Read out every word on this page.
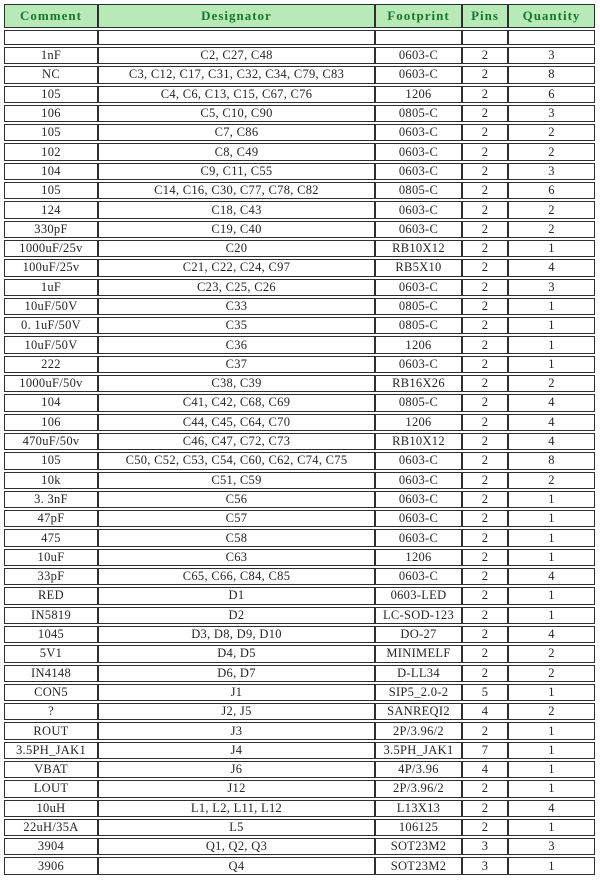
Comment	Designator	Footprint	Pins	Quantity

1nF	C2, C27, C48	0603-C	2	3
NC	C3, C12, C17, C31, C32, C34, C79, C83	0603-C	2	8
105	C4, C6, C13, C15, C67, C76	1206	2	6
106	C5, C10, C90	0805-C	2	3
105	C7, C86	0603-C	2	2
102	C8, C49	0603-C	2	2
104	C9, C11, C55	0603-C	2	3
105	C14, C16, C30, C77, C78, C82	0805-C	2	6
124	C18, C43	0603-C	2	2
330pF	C19, C40	0603-C	2	2
1000uF/25v	C20	RB10X12	2	1
100uF/25v	C21, C22, C24, C97	RB5X10	2	4
1uF	C23, C25, C26	0603-C	2	3
10uF/50V	C33	0805-C	2	1
0. 1uF/50V	C35	0805-C	2	1
10uF/50V	C36	1206	2	1
222	C37	0603-C	2	1
1000uF/50v	C38, C39	RB16X26	2	2
104	C41, C42, C68, C69	0805-C	2	4
106	C44, C45, C64, C70	1206	2	4
470uF/50v	C46, C47, C72, C73	RB10X12	2	4
105	C50, C52, C53, C54, C60, C62, C74, C75	0603-C	2	8
10k	C51, C59	0603-C	2	2
3. 3nF	C56	0603-C	2	1
47pF	C57	0603-C	2	1
475	C58	0603-C	2	1
10uF	C63	1206	2	1
33pF	C65, C66, C84, C85	0603-C	2	4
RED	D1	0603-LED	2	1
IN5819	D2	LC-SOD-123	2	1
1045	D3, D8, D9, D10	DO-27	2	4
5V1	D4, D5	MINIMELF	2	2
IN4148	D6, D7	D-LL34	2	2
CON5	J1	SIP5_2.0-2	5	1
?	J2, J5	SANREQI2	4	2
ROUT	J3	2P/3.96/2	2	1
3.5PH_JAK1	J4	3.5PH_JAK1	7	1
VBAT	J6	4P/3.96	4	1
LOUT	J12	2P/3.96/2	2	1
10uH	L1, L2, L11, L12	L13X13	2	4
22uH/35A	L5	106125	2	1
3904	Q1, Q2, Q3	SOT23M2	3	3
3906	Q4	SOT23M2	3	1
